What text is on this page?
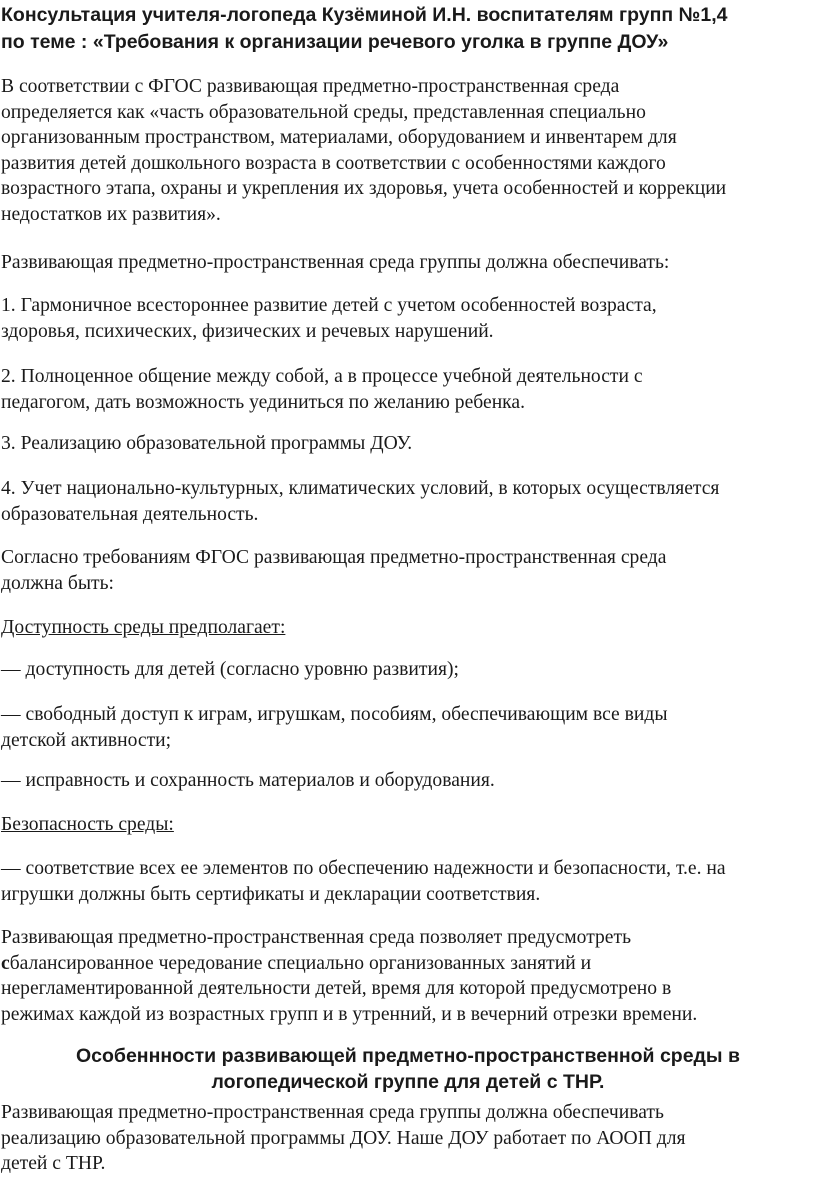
Консультация учителя-логопеда Кузёминой И.Н. воспитателям групп №1,4
по теме : «Требования к организации речевого уголка в группе ДОУ»

В соответствии с ФГОС развивающая предметно-пространственная среда
определяется как «часть образовательной среды, представленная специально
организованным пространством, материалами, оборудованием и инвентарем для
развития детей дошкольного возраста в соответствии с особенностями каждого
возрастного этапа, охраны и укрепления их здоровья, учета особенностей и коррекции
недостатков их развития».

Развивающая предметно-пространственная среда группы должна обеспечивать:

1. Гармоничное всестороннее развитие детей с учетом особенностей возраста,
здоровья, психических, физических и речевых нарушений.

2. Полноценное общение между собой, а в процессе учебной деятельности с
педагогом, дать возможность уединиться по желанию ребенка.

3. Реализацию образовательной программы ДОУ.

4. Учет национально-культурных, климатических условий, в которых осуществляется
образовательная деятельность.

Согласно требованиям ФГОС развивающая предметно-пространственная среда
должна быть:

Доступность среды предполагает:

— доступность для детей (согласно уровню развития);

— свободный доступ к играм, игрушкам, пособиям, обеспечивающим все виды
детской активности;

— исправность и сохранность материалов и оборудования.

Безопасность среды:

— соответствие всех ее элементов по обеспечению надежности и безопасности, т.е. на
игрушки должны быть сертификаты и декларации соответствия.

Развивающая предметно-пространственная среда позволяет предусмотреть
сбалансированное чередование специально организованных занятий и
нерегламентированной деятельности детей, время для которой предусмотрено в
режимах каждой из возрастных групп и в утренний, и в вечерний отрезки времени.

Особеннности развивающей предметно-пространственной среды в
логопедической группе для детей с ТНР.

Развивающая предметно-пространственная среда группы должна обеспечивать
реализацию образовательной программы ДОУ. Наше ДОУ работает по АООП для
детей с ТНР.
